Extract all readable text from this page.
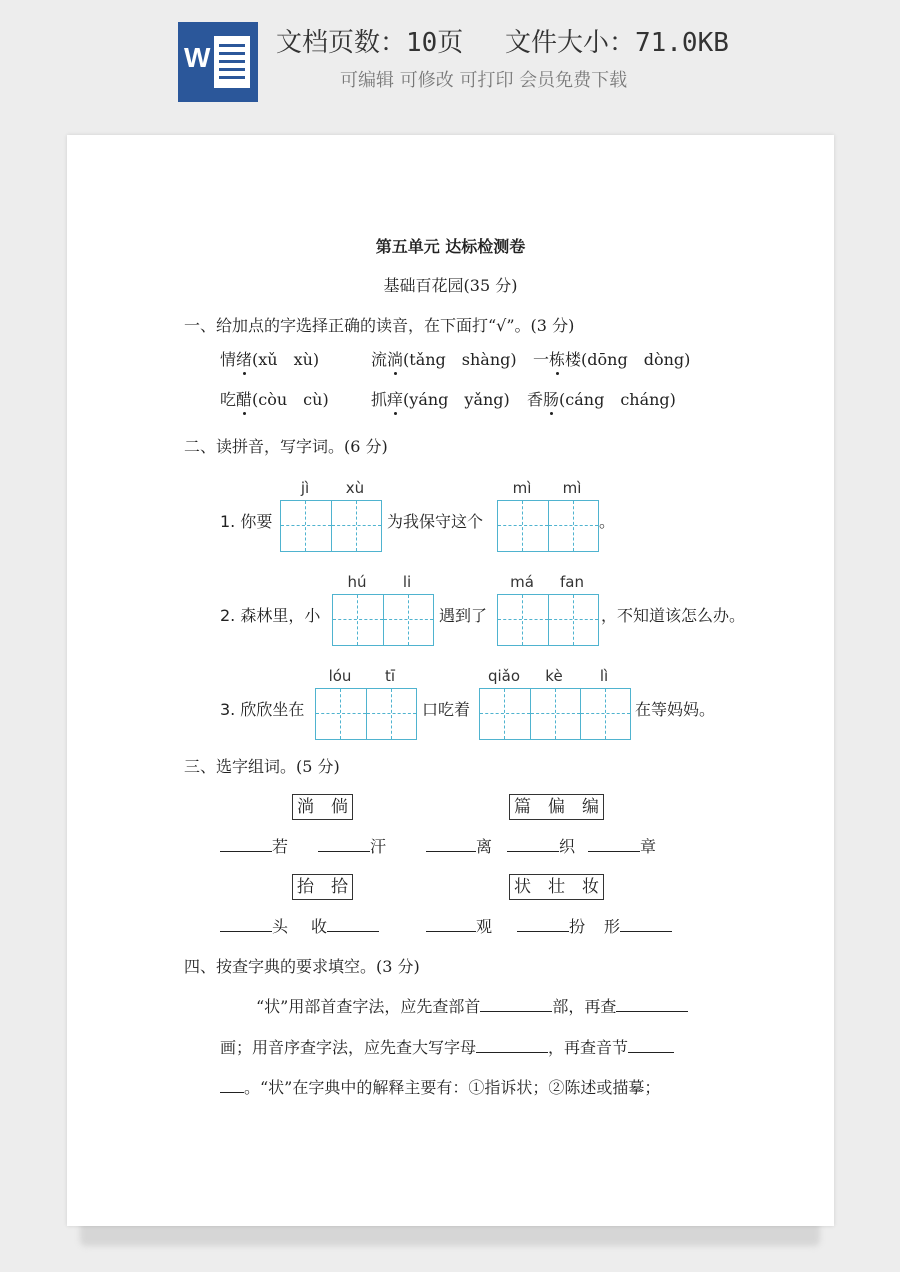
W	文档页数：10页　 文件大小：71.0KB
可编辑 可修改 可打印 会员免费下载
第五单元 达标检测卷
基础百花园(35 分)
一、给加点的字选择正确的读音，在下面打“√”。(3 分)
情绪(xǔ　xù)	流淌(tǎng　shàng) 一栋楼(dōng　dòng)
吃醋(còu　cù)	抓痒(yáng　yǎng) 香肠(cáng　cháng)
二、读拼音，写字词。(6 分)
jì	xù	mì	mì
1. 你要	为我保守这个	。
hú	li	má	fan
2. 森林里，小	遇到了	，不知道该怎么办。
lóu	tī	qiǎo	kè	lì
3. 欣欣坐在	口吃着	在等妈妈。
三、选字组词。(5 分)
淌　倘	篇　偏　编
若	汗	离	织	章
抬　拾	状　壮　妆
头 收	观	扮 形
四、按查字典的要求填空。(3 分)
“状”用部首查字法，应先查部首	部，再查
画；用音序查字法，应先查大写字母	，再查音节
。“状”在字典中的解释主要有：①指诉状；②陈述或描摹；
